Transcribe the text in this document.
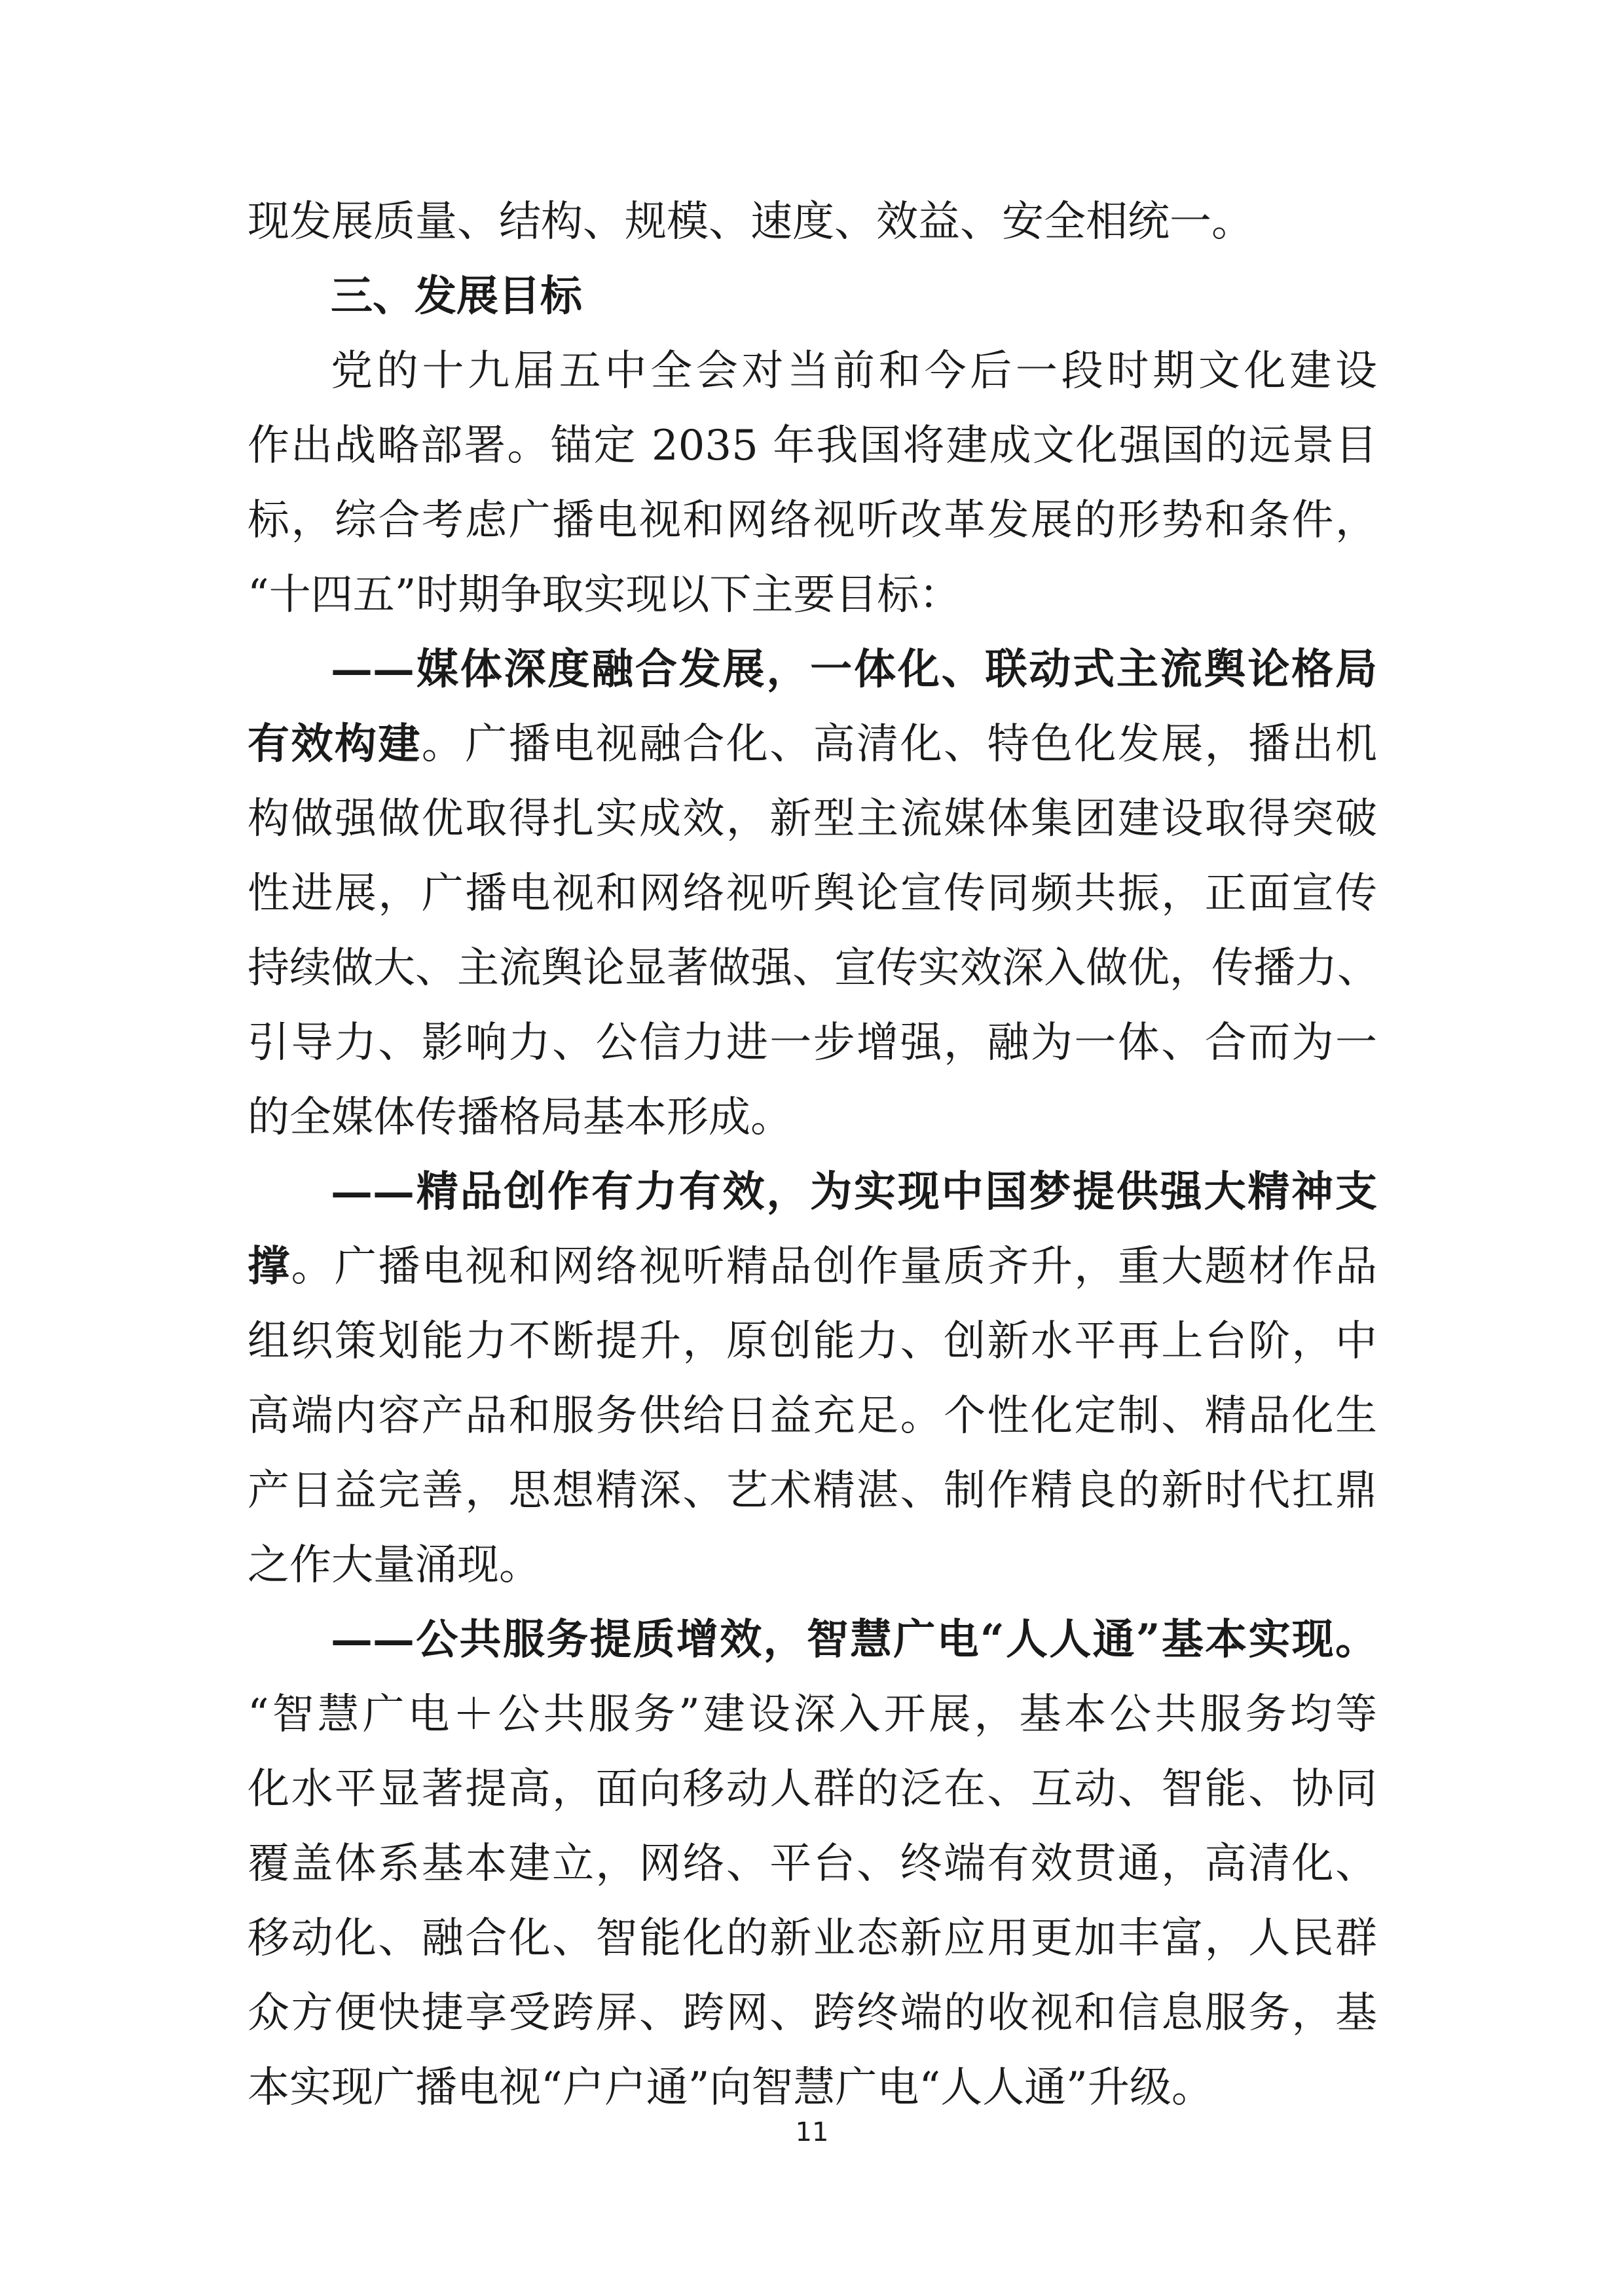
现发展质量、结构、规模、速度、效益、安全相统一。
三、发展目标
党的十九届五中全会对当前和今后一段时期文化建设
作出战略部署。锚定 2035 年我国将建成文化强国的远景目
标，综合考虑广播电视和网络视听改革发展的形势和条件，
“十四五”时期争取实现以下主要目标：
——媒体深度融合发展，一体化、联动式主流舆论格局
有效构建。广播电视融合化、高清化、特色化发展，播出机
构做强做优取得扎实成效，新型主流媒体集团建设取得突破
性进展，广播电视和网络视听舆论宣传同频共振，正面宣传
持续做大、主流舆论显著做强、宣传实效深入做优，传播力、
引导力、影响力、公信力进一步增强，融为一体、合而为一
的全媒体传播格局基本形成。
——精品创作有力有效，为实现中国梦提供强大精神支
撑。广播电视和网络视听精品创作量质齐升，重大题材作品
组织策划能力不断提升，原创能力、创新水平再上台阶，中
高端内容产品和服务供给日益充足。个性化定制、精品化生
产日益完善，思想精深、艺术精湛、制作精良的新时代扛鼎
之作大量涌现。
——公共服务提质增效，智慧广电“人人通”基本实现。
“智慧广电＋公共服务”建设深入开展，基本公共服务均等
化水平显著提高，面向移动人群的泛在、互动、智能、协同
覆盖体系基本建立，网络、平台、终端有效贯通，高清化、
移动化、融合化、智能化的新业态新应用更加丰富，人民群
众方便快捷享受跨屏、跨网、跨终端的收视和信息服务，基
本实现广播电视“户户通”向智慧广电“人人通”升级。
11
